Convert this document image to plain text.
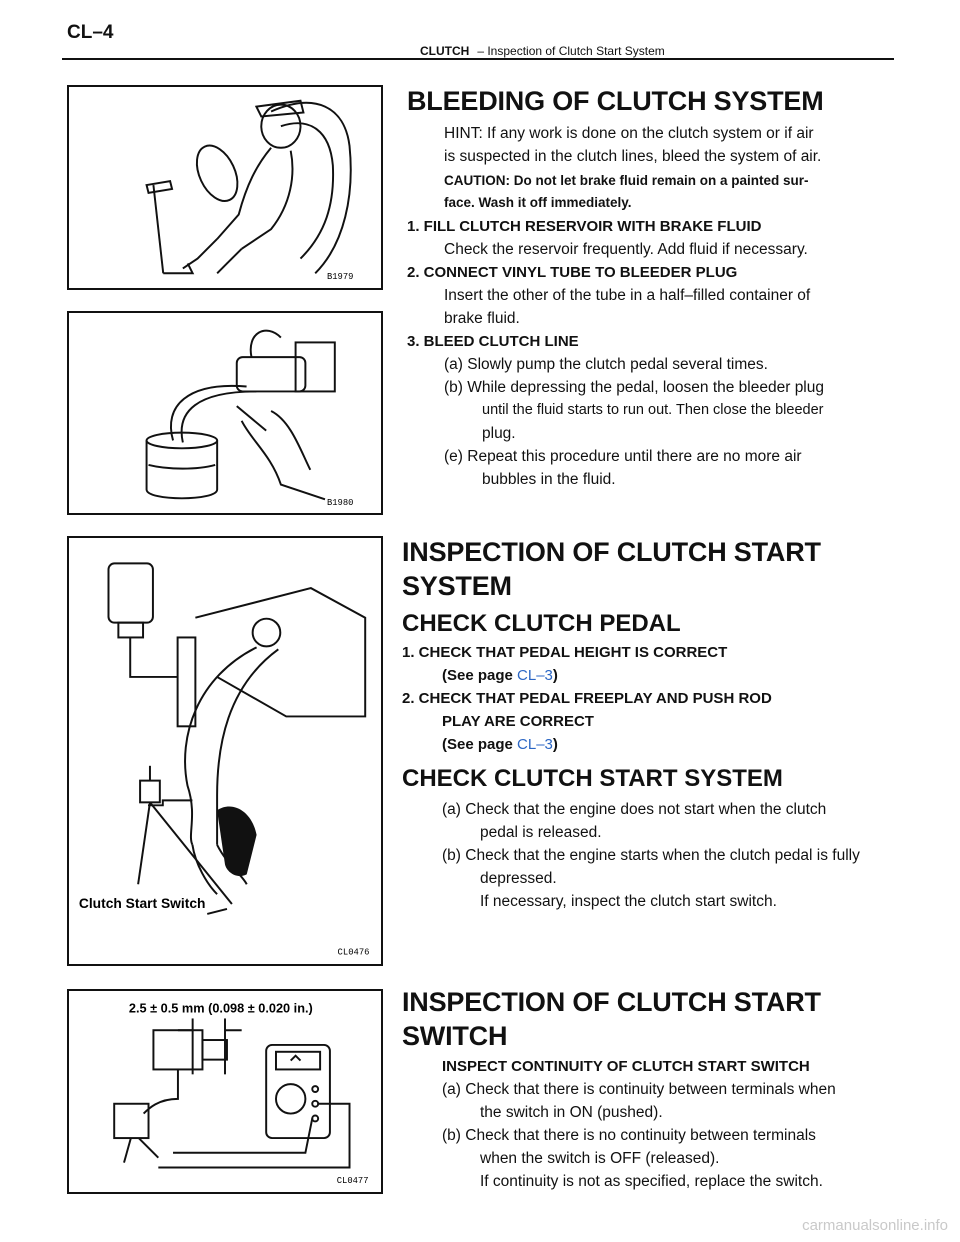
CL–4
CLUTCH – Inspection of Clutch Start System
B1979
B1980
Clutch Start Switch
CL0476
2.5 ± 0.5 mm (0.098 ± 0.020 in.)
CL0477
BLEEDING OF CLUTCH SYSTEM
HINT: If any work is done on the clutch system or if air
is suspected in the clutch lines, bleed the system of air.
CAUTION: Do not let brake fluid remain on a painted sur-
face. Wash it off immediately.
1. FILL CLUTCH RESERVOIR WITH BRAKE FLUID
Check the reservoir frequently. Add fluid if necessary.
2. CONNECT VINYL TUBE TO BLEEDER PLUG
Insert the other of the tube in a half–filled container of
brake fluid.
3. BLEED CLUTCH LINE
(a) Slowly pump the clutch pedal several times.
(b) While depressing the pedal, loosen the bleeder plug
until the fluid starts to run out. Then close the bleeder
plug.
(e) Repeat this procedure until there are no more air
bubbles in the fluid.
INSPECTION OF CLUTCH START
SYSTEM
CHECK CLUTCH PEDAL
1. CHECK THAT PEDAL HEIGHT IS CORRECT
(See page CL–3)
2. CHECK THAT PEDAL FREEPLAY AND PUSH ROD
PLAY ARE CORRECT
(See page CL–3)
CHECK CLUTCH START SYSTEM
(a) Check that the engine does not start when the clutch
pedal is released.
(b) Check that the engine starts when the clutch pedal is fully
depressed.
If necessary, inspect the clutch start switch.
INSPECTION OF CLUTCH START
SWITCH
INSPECT CONTINUITY OF CLUTCH START SWITCH
(a) Check that there is continuity between terminals when
the switch in ON (pushed).
(b) Check that there is no continuity between terminals
when the switch is OFF (released).
If continuity is not as specified, replace the switch.
carmanualsonline.info
